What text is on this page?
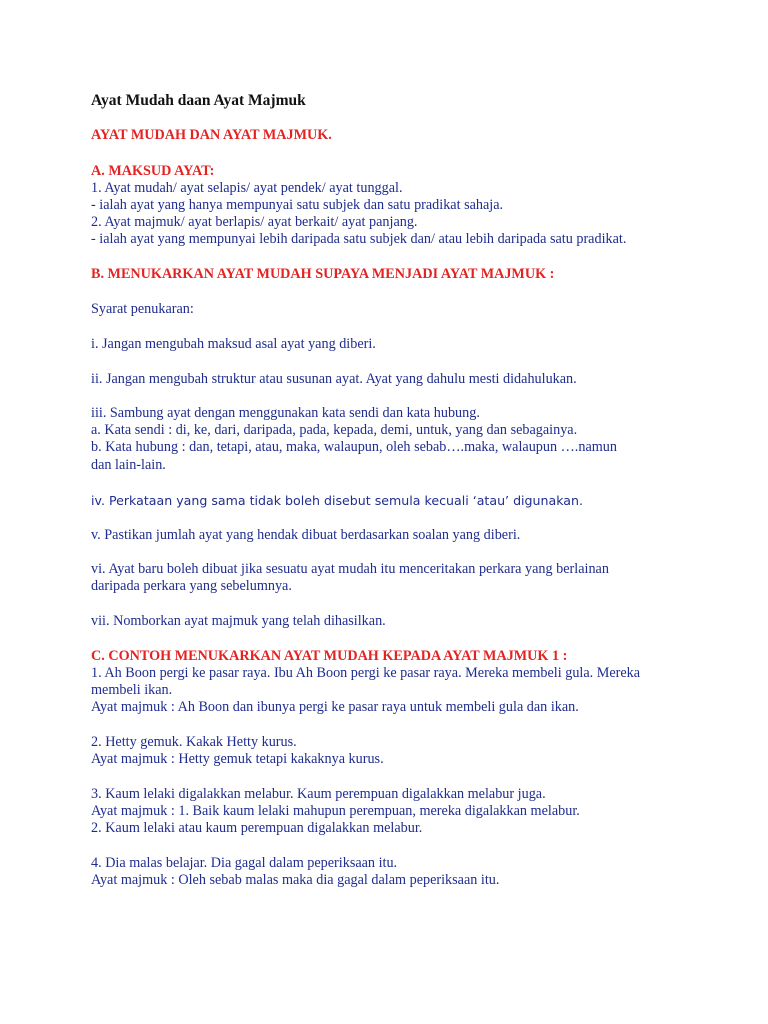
Ayat Mudah daan Ayat Majmuk

AYAT MUDAH DAN AYAT MAJMUK.

A. MAKSUD AYAT:

1. Ayat mudah/ ayat selapis/ ayat pendek/ ayat tunggal.

- ialah ayat yang hanya mempunyai satu subjek dan satu pradikat sahaja.

2. Ayat majmuk/ ayat berlapis/ ayat berkait/ ayat panjang.

- ialah ayat yang mempunyai lebih daripada satu subjek dan/ atau lebih daripada satu pradikat.

B. MENUKARKAN AYAT MUDAH SUPAYA MENJADI AYAT MAJMUK :

Syarat penukaran:

i. Jangan mengubah maksud asal ayat yang diberi.

ii. Jangan mengubah struktur atau susunan ayat. Ayat yang dahulu mesti didahulukan.

iii. Sambung ayat dengan menggunakan kata sendi dan kata hubung.

a. Kata sendi : di, ke, dari, daripada, pada, kepada, demi, untuk, yang dan sebagainya.

b. Kata hubung : dan, tetapi, atau, maka, walaupun, oleh sebab….maka, walaupun ….namun

dan lain-lain.

iv. Perkataan yang sama tidak boleh disebut semula kecuali ‘atau’ digunakan.

v. Pastikan jumlah ayat yang hendak dibuat berdasarkan soalan yang diberi.

vi. Ayat baru boleh dibuat jika sesuatu ayat mudah itu menceritakan perkara yang berlainan

daripada perkara yang sebelumnya.

vii. Nomborkan ayat majmuk yang telah dihasilkan.

C. CONTOH MENUKARKAN AYAT MUDAH KEPADA AYAT MAJMUK 1 :

1. Ah Boon pergi ke pasar raya. Ibu Ah Boon pergi ke pasar raya. Mereka membeli gula. Mereka

membeli ikan.

Ayat majmuk : Ah Boon dan ibunya pergi ke pasar raya untuk membeli gula dan ikan.

2. Hetty gemuk. Kakak Hetty kurus.

Ayat majmuk : Hetty gemuk tetapi kakaknya kurus.

3. Kaum lelaki digalakkan melabur. Kaum perempuan digalakkan melabur juga.

Ayat majmuk : 1. Baik kaum lelaki mahupun perempuan, mereka digalakkan melabur.

2. Kaum lelaki atau kaum perempuan digalakkan melabur.

4. Dia malas belajar. Dia gagal dalam peperiksaan itu.

Ayat majmuk : Oleh sebab malas maka dia gagal dalam peperiksaan itu.
